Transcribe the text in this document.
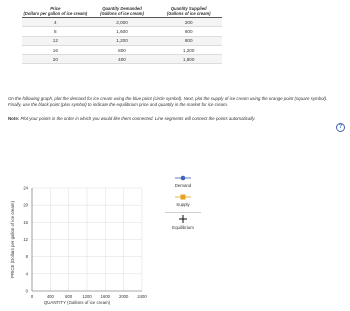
Price
(Dollars per gallon of ice cream)
Quantity Demanded
(Gallons of ice cream)
Quantity Supplied
(Gallons of ice cream)
4	2,000	200
8	1,600	600
12	1,200	800
16	800	1,200
20	400	1,800

On the following graph, plot the demand for ice cream using the blue point (circle symbol). Next, plot the supply of ice cream using the orange point (square symbol). Finally, use the black point (plus symbol) to indicate the equilibrium price and quantity in the market for ice cream.

Note: Plot your points in the order in which you would like them connected. Line segments will connect the points automatically.

?
0
4
8
12
16
20
24
0	400	800 1200 1600 2000 2400
PRICE (Dollars per gallon of ice cream)
QUANTITY (Gallons of ice cream)
Demand
Supply
Equilibrium
